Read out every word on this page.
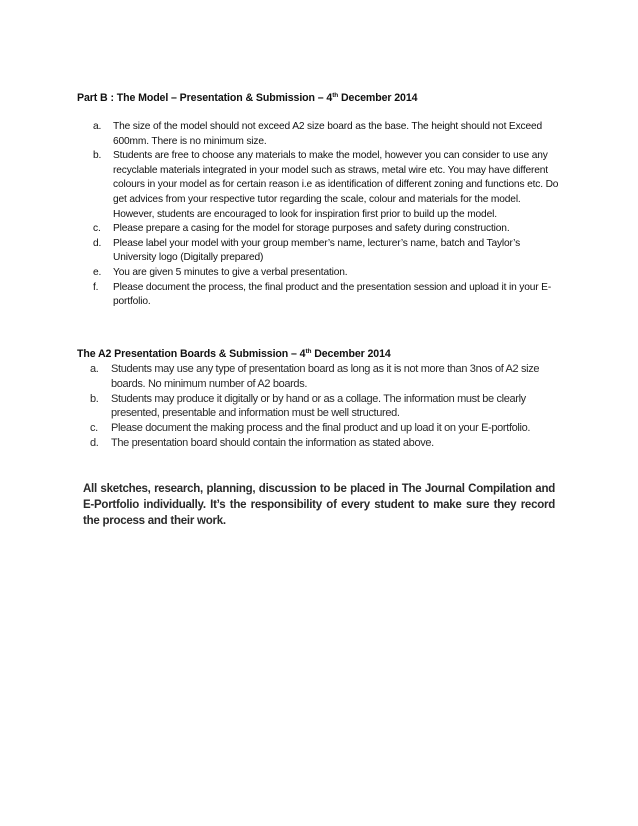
Part B : The Model – Presentation & Submission – 4th December 2014
a.	The size of the model should not exceed A2 size board as the base. The height should not Exceed 600mm. There is no minimum size.
b.	Students are free to choose any materials to make the model, however you can consider to use any recyclable materials integrated in your model such as straws, metal wire etc. You may have different colours in your model as for certain reason i.e as identification of different zoning and functions etc. Do get advices from your respective tutor regarding the scale, colour and materials for the model. However, students are encouraged to look for inspiration first prior to build up the model.
c.	Please prepare a casing for the model for storage purposes and safety during construction.
d.	Please label your model with your group member’s name, lecturer’s name, batch and Taylor’s University logo (Digitally prepared)
e.	You are given 5 minutes to give a verbal presentation.
f.	Please document the process, the final product and the presentation session and upload it in your E-portfolio.
The A2 Presentation Boards & Submission – 4th December 2014
a.	Students may use any type of presentation board as long as it is not more than 3nos of A2 size boards. No minimum number of A2 boards.
b.	Students may produce it digitally or by hand or as a collage. The information must be clearly presented, presentable and information must be well structured.
c.	Please document the making process and the final product and up load it on your E-portfolio.
d.	The presentation board should contain the information as stated above.
All sketches, research, planning, discussion to be placed in The Journal Compilation and E-Portfolio individually. It’s the responsibility of every student to make sure they record the process and their work.
